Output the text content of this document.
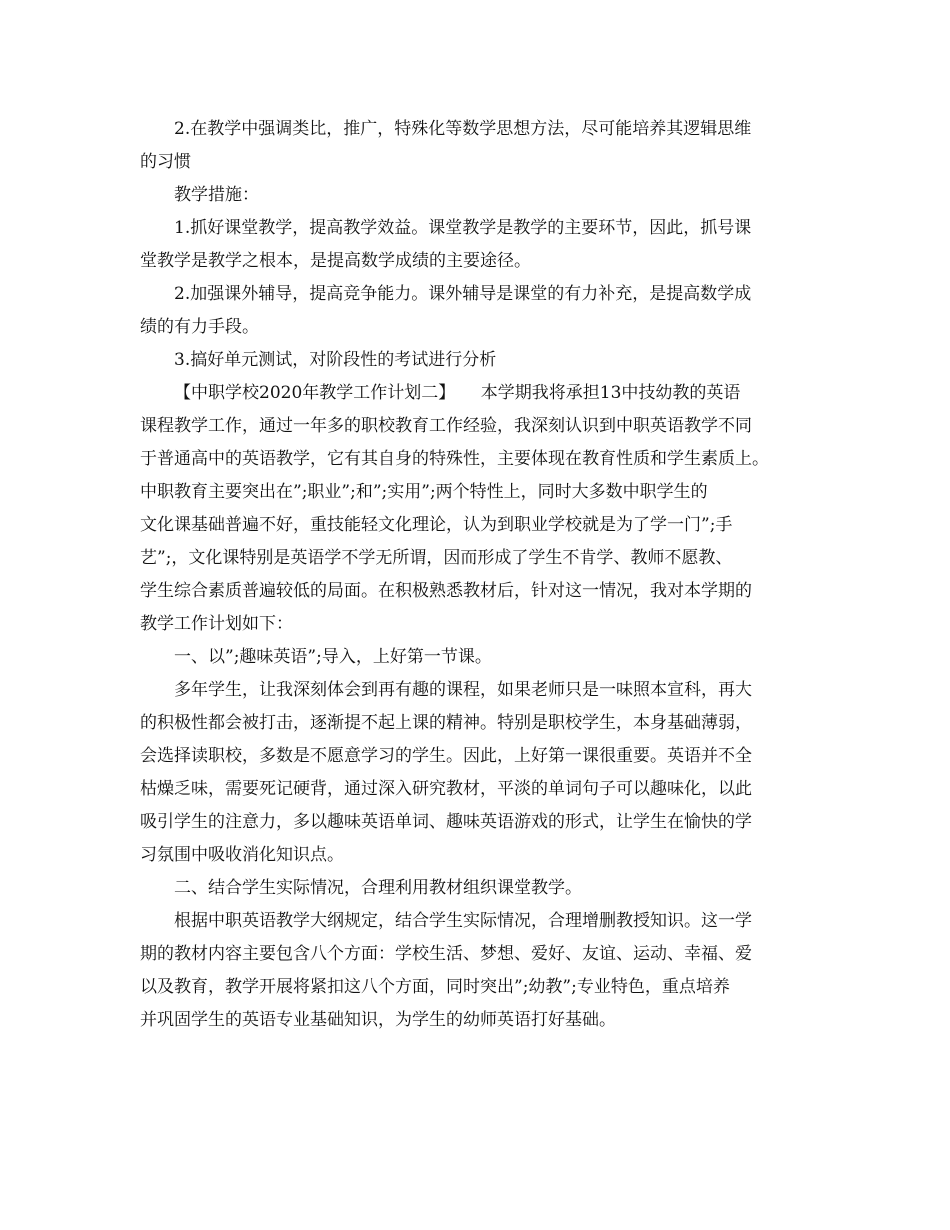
2.在教学中强调类比，推广，特殊化等数学思想方法，尽可能培养其逻辑思维
的习惯
教学措施：
1.抓好课堂教学，提高教学效益。课堂教学是教学的主要环节，因此，抓号课
堂教学是教学之根本，是提高数学成绩的主要途径。
2.加强课外辅导，提高竞争能力。课外辅导是课堂的有力补充，是提高数学成
绩的有力手段。
3.搞好单元测试，对阶段性的考试进行分析
【中职学校2020年教学工作计划二】　　本学期我将承担13中技幼教的英语
课程教学工作，通过一年多的职校教育工作经验，我深刻认识到中职英语教学不同
于普通高中的英语教学，它有其自身的特殊性，主要体现在教育性质和学生素质上。
中职教育主要突出在”;职业”;和”;实用”;两个特性上，同时大多数中职学生的
文化课基础普遍不好，重技能轻文化理论，认为到职业学校就是为了学一门”;手
艺”;，文化课特别是英语学不学无所谓，因而形成了学生不肯学、教师不愿教、
学生综合素质普遍较低的局面。在积极熟悉教材后，针对这一情况，我对本学期的
教学工作计划如下：
一、以”;趣味英语”;导入，上好第一节课。
多年学生，让我深刻体会到再有趣的课程，如果老师只是一味照本宣科，再大
的积极性都会被打击，逐渐提不起上课的精神。特别是职校学生，本身基础薄弱，
会选择读职校，多数是不愿意学习的学生。因此，上好第一课很重要。英语并不全
枯燥乏味，需要死记硬背，通过深入研究教材，平淡的单词句子可以趣味化，以此
吸引学生的注意力，多以趣味英语单词、趣味英语游戏的形式，让学生在愉快的学
习氛围中吸收消化知识点。
二、结合学生实际情况，合理利用教材组织课堂教学。
根据中职英语教学大纲规定，结合学生实际情况，合理增删教授知识。这一学
期的教材内容主要包含八个方面：学校生活、梦想、爱好、友谊、运动、幸福、爱
以及教育，教学开展将紧扣这八个方面，同时突出”;幼教”;专业特色，重点培养
并巩固学生的英语专业基础知识，为学生的幼师英语打好基础。
